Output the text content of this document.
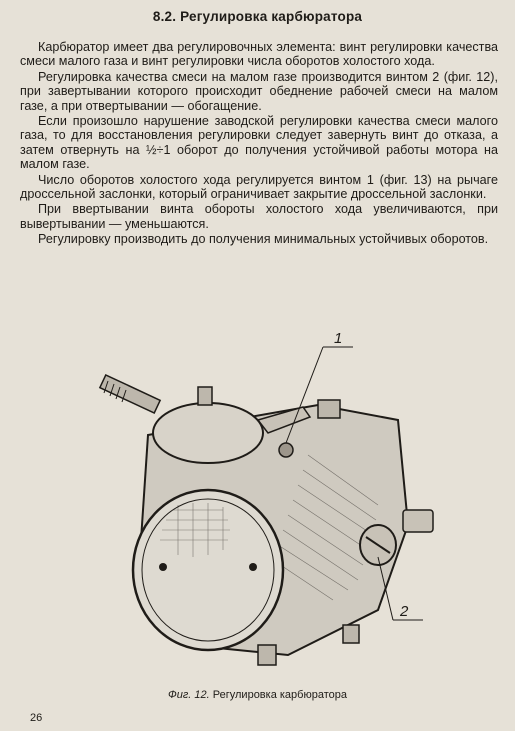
8.2. Регулировка карбюратора

Карбюратор имеет два регулировочных элемента: винт регулировки качества смеси малого газа и винт регулировки числа оборотов холостого хода.

Регулировка качества смеси на малом газе производится винтом 2 (фиг. 12), при завертывании которого происходит обеднение рабочей смеси на малом газе, а при отвертывании — обогащение.

Если произошло нарушение заводской регулировки качества смеси малого газа, то для восстановления регулировки следует завернуть винт до отказа, а затем отвернуть на ½÷1 оборот до получения устойчивой работы мотора на малом газе.

Число оборотов холостого хода регулируется винтом 1 (фиг. 13) на рычаге дроссельной заслонки, который ограничивает закрытие дроссельной заслонки.

При ввертывании винта обороты холостого хода увеличиваются, при вывертывании — уменьшаются.

Регулировку производить до получения минимальных устойчивых оборотов.

1
2
Фиг. 12. Регулировка карбюратора
26
